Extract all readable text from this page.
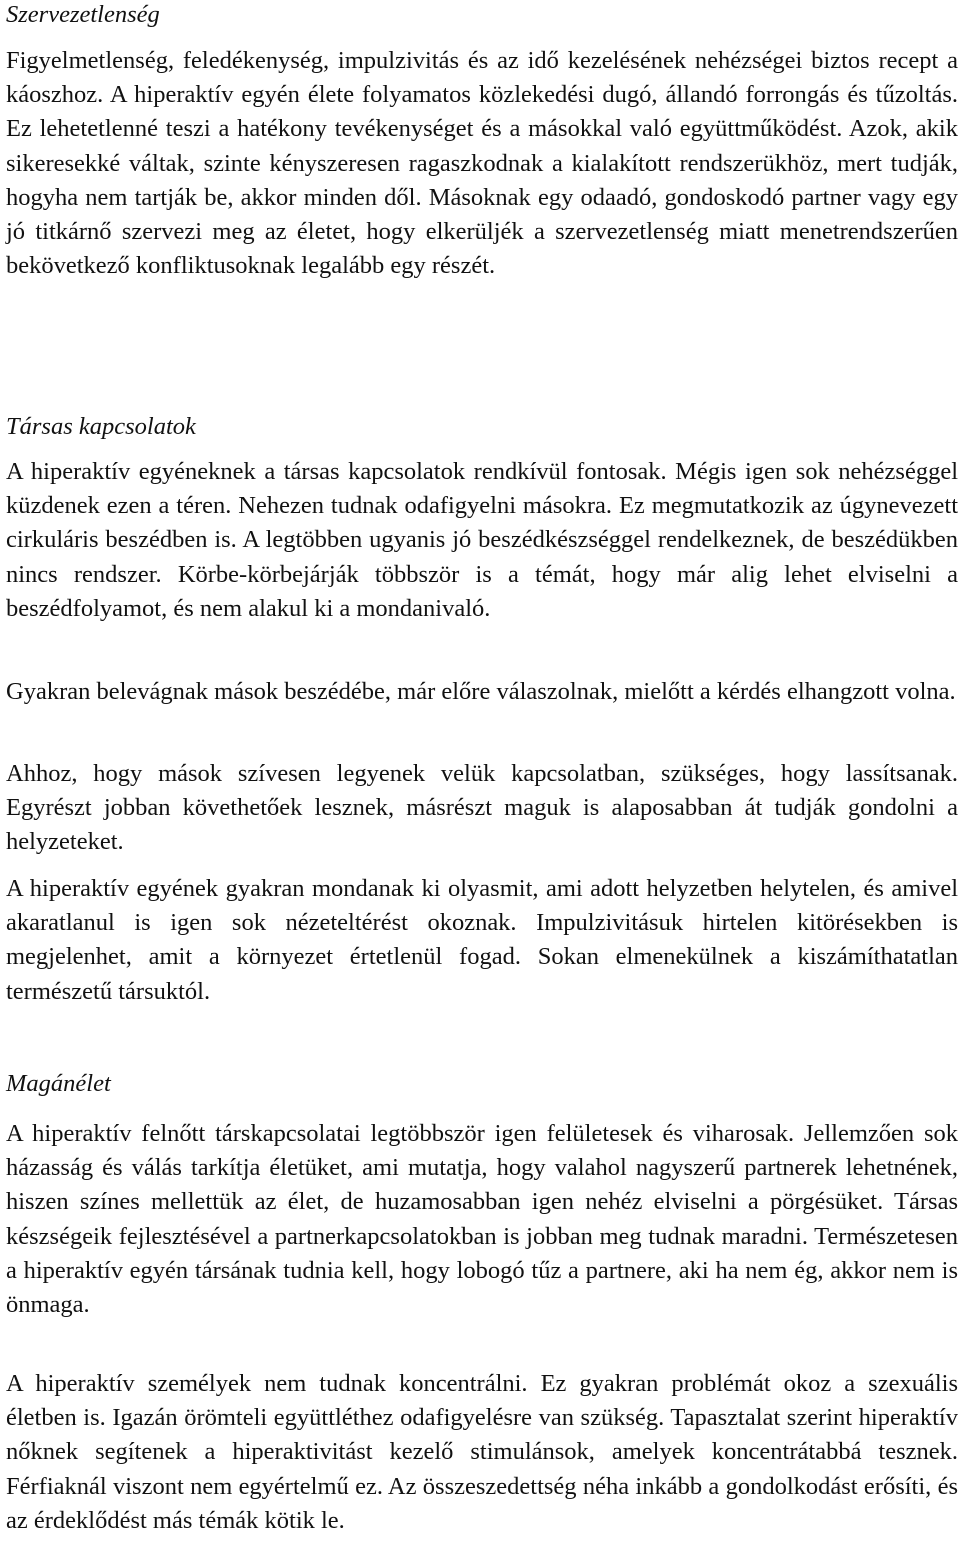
Szervezetlenség

Figyelmetlenség, feledékenység, impulzivitás és az idő kezelésének nehézségei biztos recept a káoszhoz. A hiperaktív egyén élete folyamatos közlekedési dugó, állandó forrongás és tűzoltás. Ez lehetetlenné teszi a hatékony tevékenységet és a másokkal való együttműködést. Azok, akik sikeresekké váltak, szinte kényszeresen ragaszkodnak a kialakított rendszerükhöz, mert tudják, hogyha nem tartják be, akkor minden dől. Másoknak egy odaadó, gondoskodó partner vagy egy jó titkárnő szervezi meg az életet, hogy elkerüljék a szervezetlenség miatt menetrendszerűen bekövetkező konfliktusoknak legalább egy részét.

Társas kapcsolatok

A hiperaktív egyéneknek a társas kapcsolatok rendkívül fontosak. Mégis igen sok nehézséggel küzdenek ezen a téren. Nehezen tudnak odafigyelni másokra. Ez megmutatkozik az úgynevezett cirkuláris beszédben is. A legtöbben ugyanis jó beszédkészséggel rendelkeznek, de beszédükben nincs rendszer. Körbe-körbejárják többször is a témát, hogy már alig lehet elviselni a beszédfolyamot, és nem alakul ki a mondanivaló.

Gyakran belevágnak mások beszédébe, már előre válaszolnak, mielőtt a kérdés elhangzott volna.

Ahhoz, hogy mások szívesen legyenek velük kapcsolatban, szükséges, hogy lassítsanak. Egyrészt jobban követhetőek lesznek, másrészt maguk is alaposabban át tudják gondolni a helyzeteket.

A hiperaktív egyének gyakran mondanak ki olyasmit, ami adott helyzetben helytelen, és amivel akaratlanul is igen sok nézeteltérést okoznak. Impulzivitásuk hirtelen kitörésekben is megjelenhet, amit a környezet értetlenül fogad. Sokan elmenekülnek a kiszámíthatatlan természetű társuktól.

Magánélet

A hiperaktív felnőtt társkapcsolatai legtöbbször igen felületesek és viharosak. Jellemzően sok házasság és válás tarkítja életüket, ami mutatja, hogy valahol nagyszerű partnerek lehetnének, hiszen színes mellettük az élet, de huzamosabban igen nehéz elviselni a pörgésüket. Társas készségeik fejlesztésével a partnerkapcsolatokban is jobban meg tudnak maradni. Természetesen a hiperaktív egyén társának tudnia kell, hogy lobogó tűz a partnere, aki ha nem ég, akkor nem is önmaga.

A hiperaktív személyek nem tudnak koncentrálni. Ez gyakran problémát okoz a szexuális életben is. Igazán örömteli együttléthez odafigyelésre van szükség. Tapasztalat szerint hiperaktív nőknek segítenek a hiperaktivitást kezelő stimulánsok, amelyek koncentrátabbá tesznek. Férfiaknál viszont nem egyértelmű ez. Az összeszedettség néha inkább a gondolkodást erősíti, és az érdeklődést más témák kötik le.
